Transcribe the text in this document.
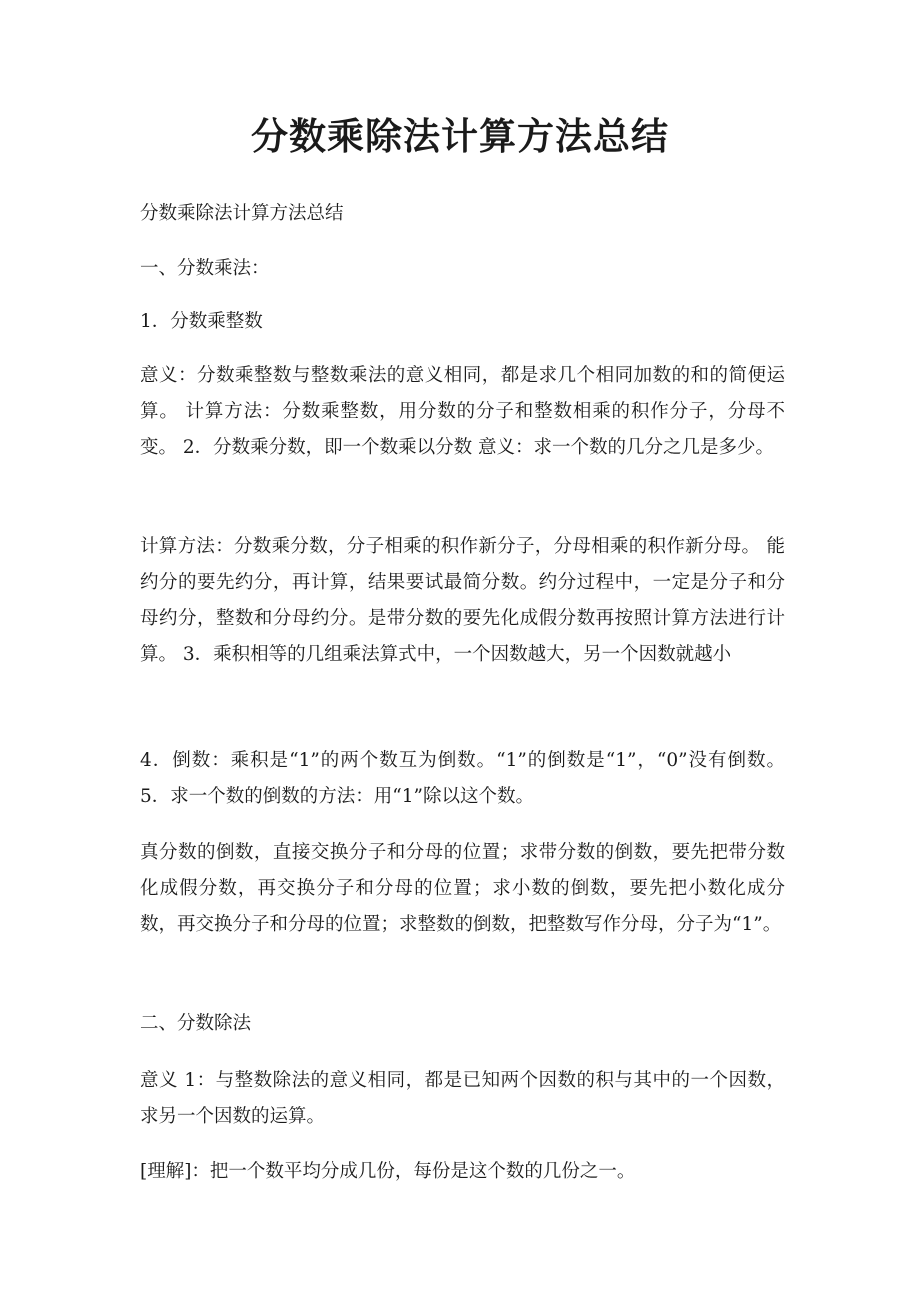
分数乘除法计算方法总结

分数乘除法计算方法总结

一、分数乘法：

1．分数乘整数

意义：分数乘整数与整数乘法的意义相同，都是求几个相同加数的和的简便运算。 计算方法：分数乘整数，用分数的分子和整数相乘的积作分子，分母不变。 2．分数乘分数，即一个数乘以分数 意义：求一个数的几分之几是多少。

计算方法：分数乘分数，分子相乘的积作新分子，分母相乘的积作新分母。 能约分的要先约分，再计算，结果要试最简分数。约分过程中，一定是分子和分母约分，整数和分母约分。是带分数的要先化成假分数再按照计算方法进行计算。 3．乘积相等的几组乘法算式中，一个因数越大，另一个因数就越小

4．倒数：乘积是“1”的两个数互为倒数。“1”的倒数是“1”，“0”没有倒数。 5．求一个数的倒数的方法：用“1”除以这个数。

真分数的倒数，直接交换分子和分母的位置；求带分数的倒数，要先把带分数化成假分数，再交换分子和分母的位置；求小数的倒数，要先把小数化成分数，再交换分子和分母的位置；求整数的倒数，把整数写作分母，分子为“1”。

二、分数除法

意义 1：与整数除法的意义相同，都是已知两个因数的积与其中的一个因数，求另一个因数的运算。

[理解]：把一个数平均分成几份，每份是这个数的几份之一。
